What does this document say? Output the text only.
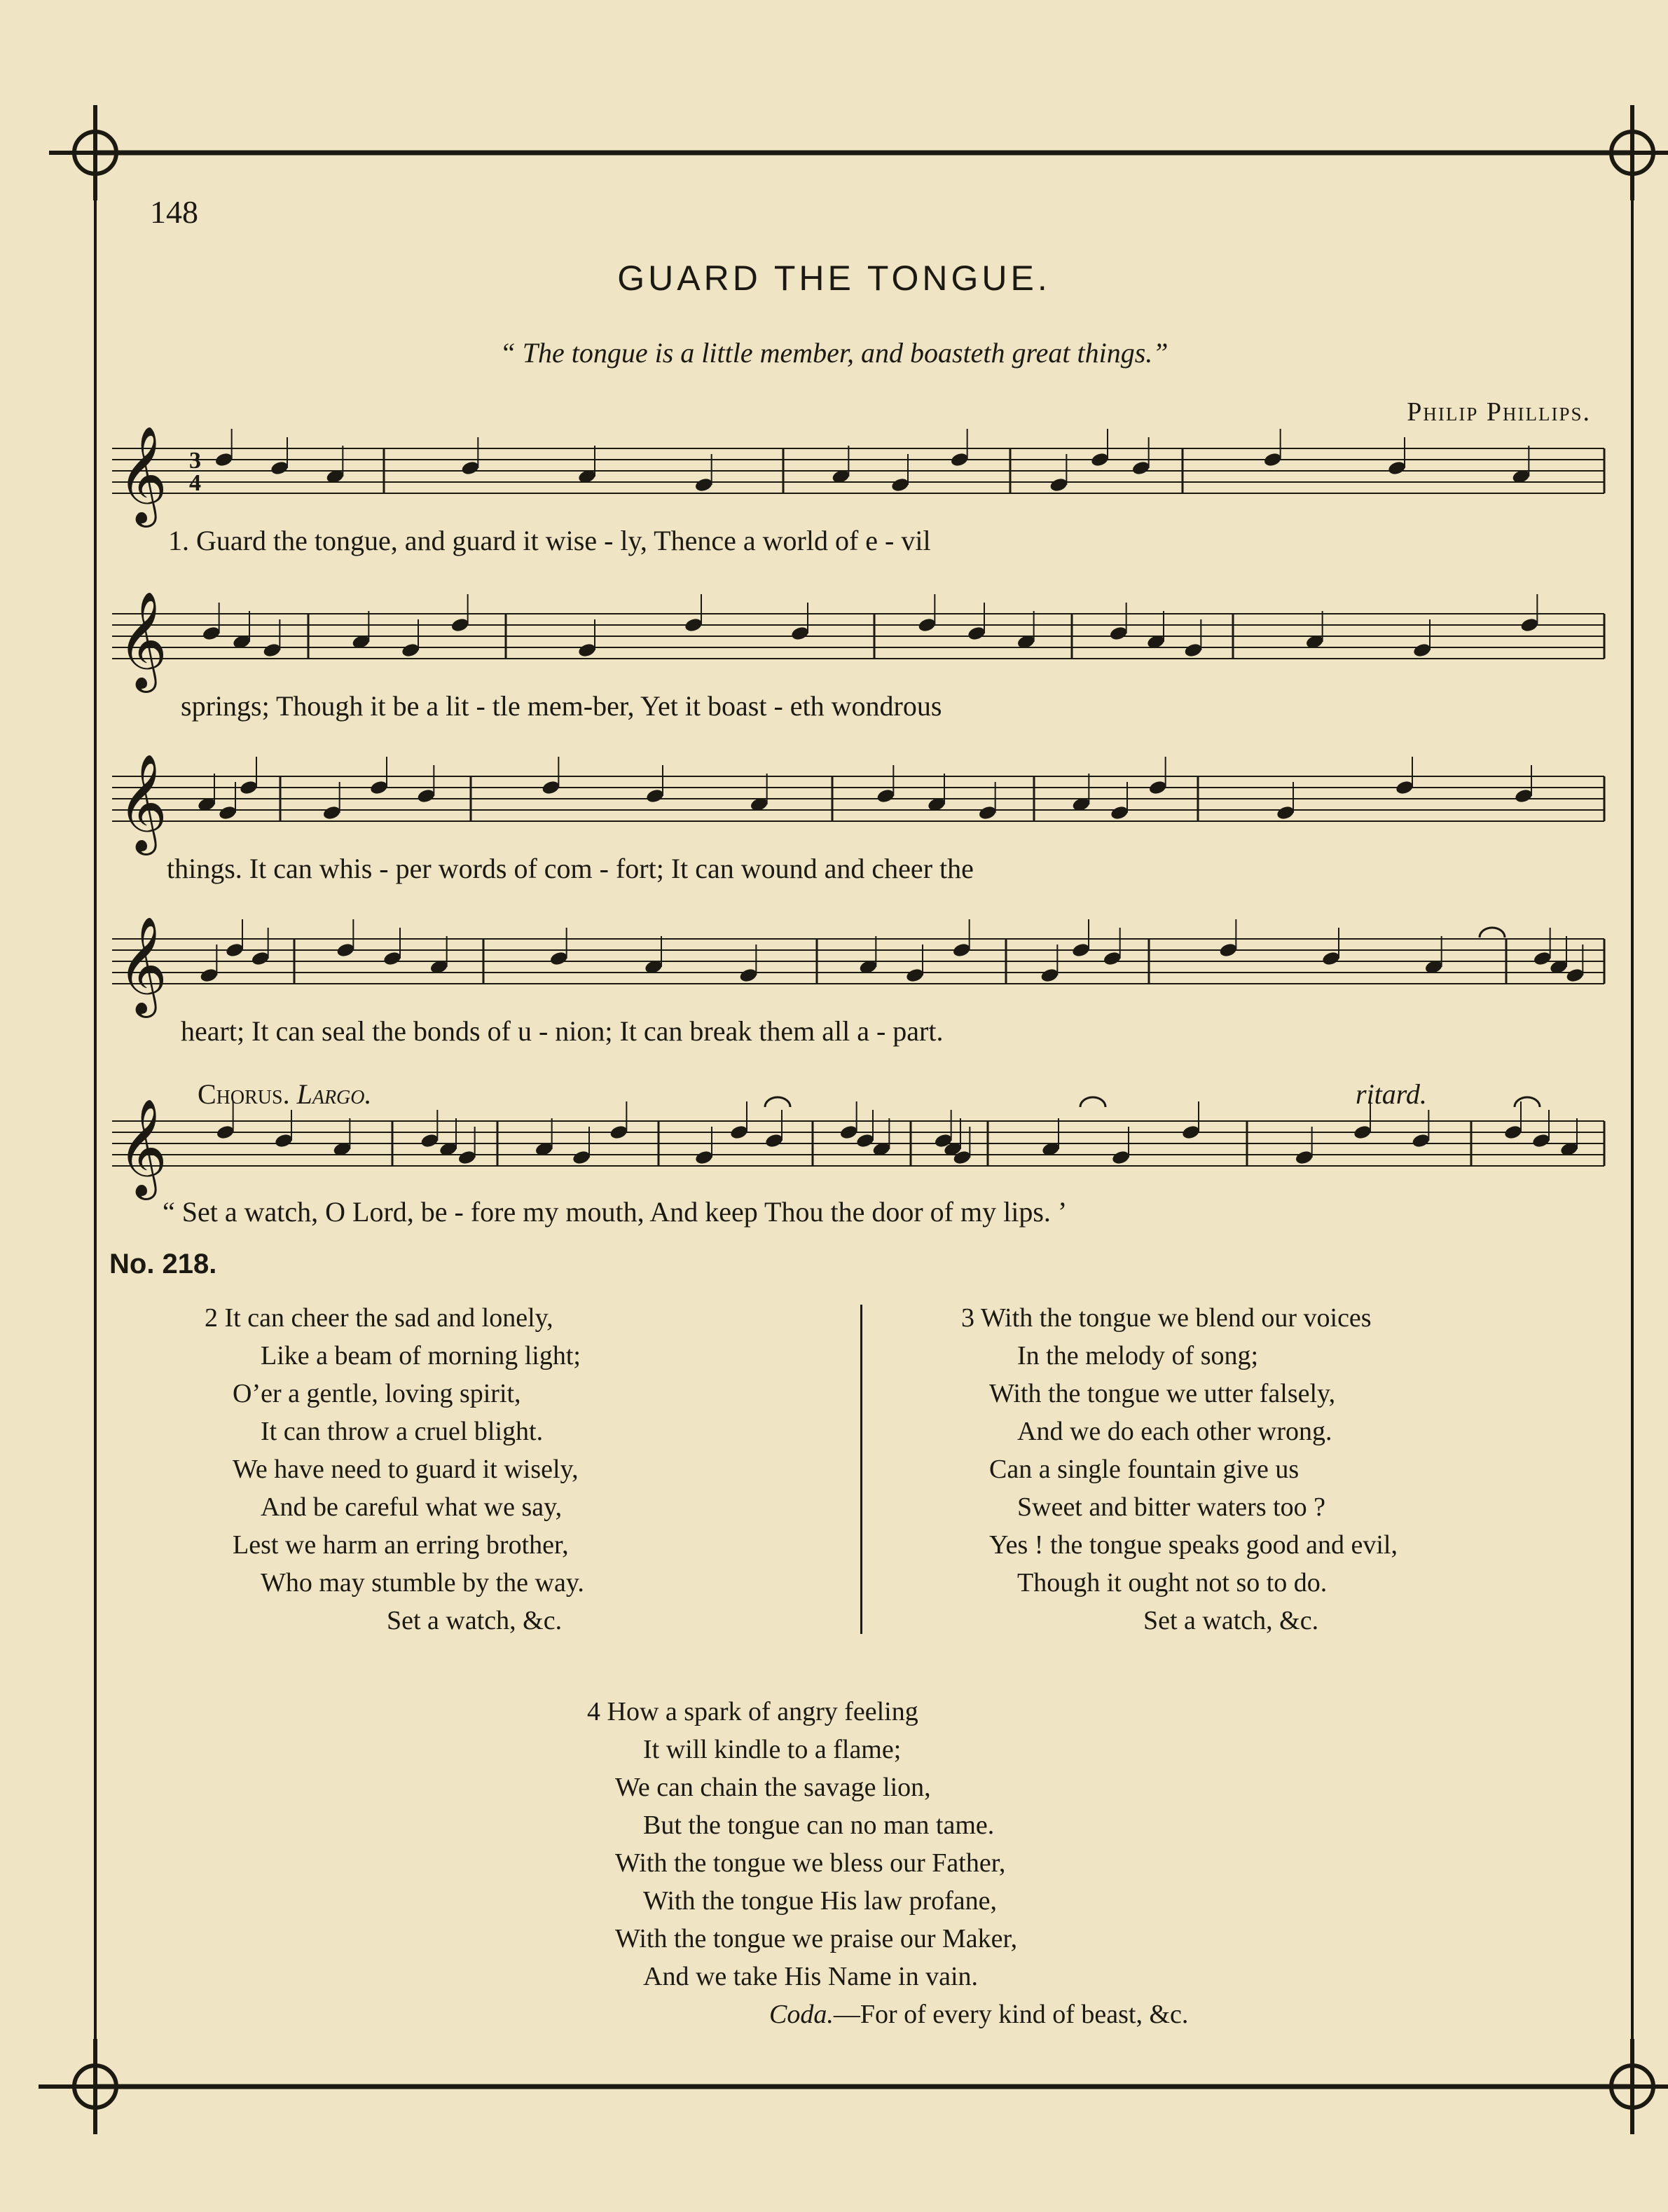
𝄞
𝄞
𝄞
𝄞
𝄞
3
4
148
GUARD THE TONGUE.
“ The tongue is a little member, and boasteth great things.”
Philip Phillips.
1. Guard the tongue, and guard it wise - ly, Thence a world of e - vil
springs; Though it be a lit - tle mem-ber, Yet it boast - eth wondrous
things. It can whis - per words of com - fort; It can wound and cheer the
heart; It can seal the bonds of u - nion; It can break them all a - part.
Chorus. Largo.	ritard.
“ Set a watch, O Lord, be - fore my mouth, And keep Thou the door of my lips. ’
No. 218.
2 It can cheer the sad and lonely,
Like a beam of morning light;
O’er a gentle, loving spirit,
It can throw a cruel blight.
We have need to guard it wisely,
And be careful what we say,
Lest we harm an erring brother,
Who may stumble by the way.
Set a watch, &c.
3 With the tongue we blend our voices
In the melody of song;
With the tongue we utter falsely,
And we do each other wrong.
Can a single fountain give us
Sweet and bitter waters too ?
Yes ! the tongue speaks good and evil,
Though it ought not so to do.
Set a watch, &c.
4 How a spark of angry feeling
It will kindle to a flame;
We can chain the savage lion,
But the tongue can no man tame.
With the tongue we bless our Father,
With the tongue His law profane,
With the tongue we praise our Maker,
And we take His Name in vain.
Coda.—For of every kind of beast, &c.
